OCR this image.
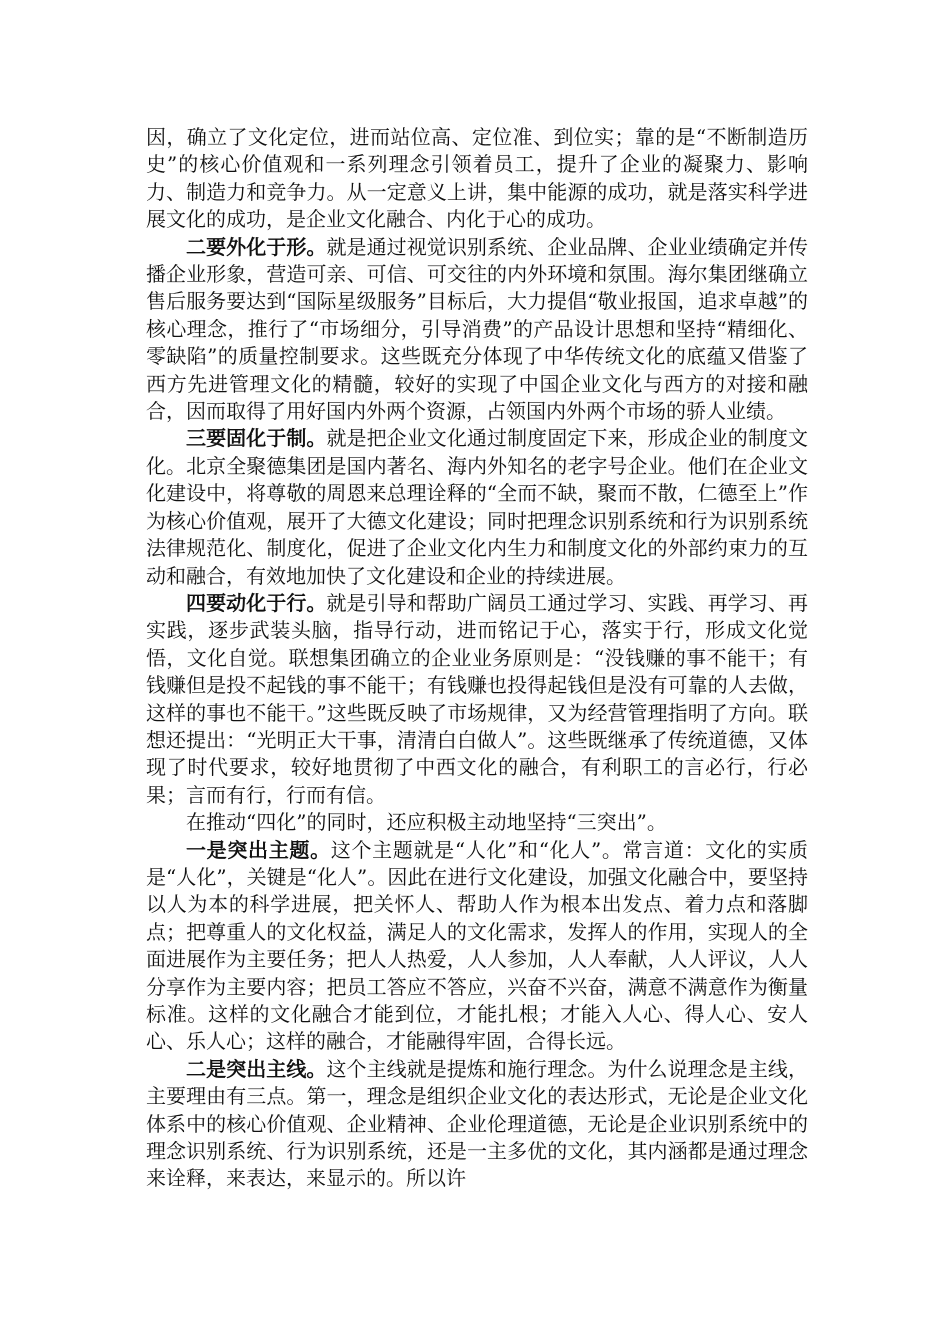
因，确立了文化定位，进而站位高、定位准、到位实；靠的是“不断制造历史”的核心价值观和一系列理念引领着员工，提升了企业的凝聚力、影响力、制造力和竞争力。从一定意义上讲，集中能源的成功，就是落实科学进展文化的成功，是企业文化融合、内化于心的成功。

二要外化于形。就是通过视觉识别系统、企业品牌、企业业绩确定并传播企业形象，营造可亲、可信、可交往的内外环境和氛围。海尔集团继确立售后服务要达到“国际星级服务”目标后，大力提倡“敬业报国，追求卓越”的核心理念，推行了“市场细分，引导消费”的产品设计思想和坚持“精细化、零缺陷”的质量控制要求。这些既充分体现了中华传统文化的底蕴又借鉴了西方先进管理文化的精髓，较好的实现了中国企业文化与西方的对接和融合，因而取得了用好国内外两个资源，占领国内外两个市场的骄人业绩。

三要固化于制。就是把企业文化通过制度固定下来，形成企业的制度文化。北京全聚德集团是国内著名、海内外知名的老字号企业。他们在企业文化建设中，将尊敬的周恩来总理诠释的“全而不缺，聚而不散，仁德至上”作为核心价值观，展开了大德文化建设；同时把理念识别系统和行为识别系统法律规范化、制度化，促进了企业文化内生力和制度文化的外部约束力的互动和融合，有效地加快了文化建设和企业的持续进展。

四要动化于行。就是引导和帮助广阔员工通过学习、实践、再学习、再实践，逐步武装头脑，指导行动，进而铭记于心，落实于行，形成文化觉悟，文化自觉。联想集团确立的企业业务原则是：“没钱赚的事不能干；有钱赚但是投不起钱的事不能干；有钱赚也投得起钱但是没有可靠的人去做，这样的事也不能干。”这些既反映了市场规律，又为经营管理指明了方向。联想还提出：“光明正大干事，清清白白做人”。这些既继承了传统道德，又体现了时代要求，较好地贯彻了中西文化的融合，有利职工的言必行，行必果；言而有行，行而有信。

在推动“四化”的同时，还应积极主动地坚持“三突出”。

一是突出主题。这个主题就是“人化”和“化人”。常言道：文化的实质是“人化”，关键是“化人”。因此在进行文化建设，加强文化融合中，要坚持以人为本的科学进展，把关怀人、帮助人作为根本出发点、着力点和落脚点；把尊重人的文化权益，满足人的文化需求，发挥人的作用，实现人的全面进展作为主要任务；把人人热爱，人人参加，人人奉献，人人评议，人人分享作为主要内容；把员工答应不答应，兴奋不兴奋，满意不满意作为衡量标准。这样的文化融合才能到位，才能扎根；才能入人心、得人心、安人心、乐人心；这样的融合，才能融得牢固，合得长远。

二是突出主线。这个主线就是提炼和施行理念。为什么说理念是主线，主要理由有三点。第一，理念是组织企业文化的表达形式，无论是企业文化体系中的核心价值观、企业精神、企业伦理道德，无论是企业识别系统中的理念识别系统、行为识别系统，还是一主多优的文化，其内涵都是通过理念来诠释，来表达，来显示的。所以许
